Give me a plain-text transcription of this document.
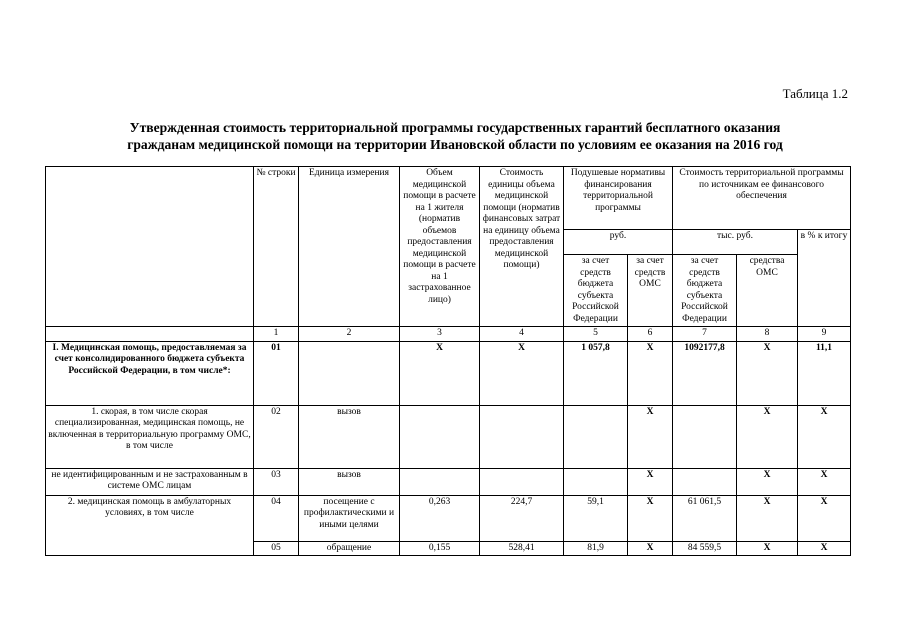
Таблица 1.2
Утвержденная стоимость территориальной программы государственных гарантий бесплатного оказания
гражданам медицинской помощи на территории Ивановской области по условиям ее оказания на 2016 год
	№ строки	Единица измерения	Объем медицинской помощи в расчете на 1 жителя (норматив объемов предоставления медицинской помощи в расчете на 1 застрахованное лицо)	Стоимость единицы объема медицинской помощи (норматив финансовых затрат на единицу объема предоставления медицинской помощи)	Подушевые нормативы финансирования территориальной программы		Стоимость территориальной программы по источникам ее финансового обеспечения		
					руб.		тыс. руб.		в % к итогу
					за счет средств бюджета субъекта Российской Федерации	за счет средств ОМС	за счет средств бюджета субъекта Российской Федерации	средства ОМС	
	1	2	3	4	5	6	7	8	9
I. Медицинская помощь, предоставляемая за счет консолидированного бюджета субъекта Российской Федерации, в том числе*:	01		X	X	1 057,8	X	1092177,8	X	11,1
1. скорая, в том числе скорая специализированная, медицинская помощь, не включенная в территориальную программу ОМС, в том числе	02	вызов				X		X	X
не идентифицированным и не застрахованным в системе ОМС лицам	03	вызов				X		X	X
2. медицинская помощь в амбулаторных условиях, в том числе	04	посещение с профилактическими и иными целями	0,263	224,7	59,1	X	61 061,5	X	X
	05	обращение	0,155	528,41	81,9	X	84 559,5	X	X
